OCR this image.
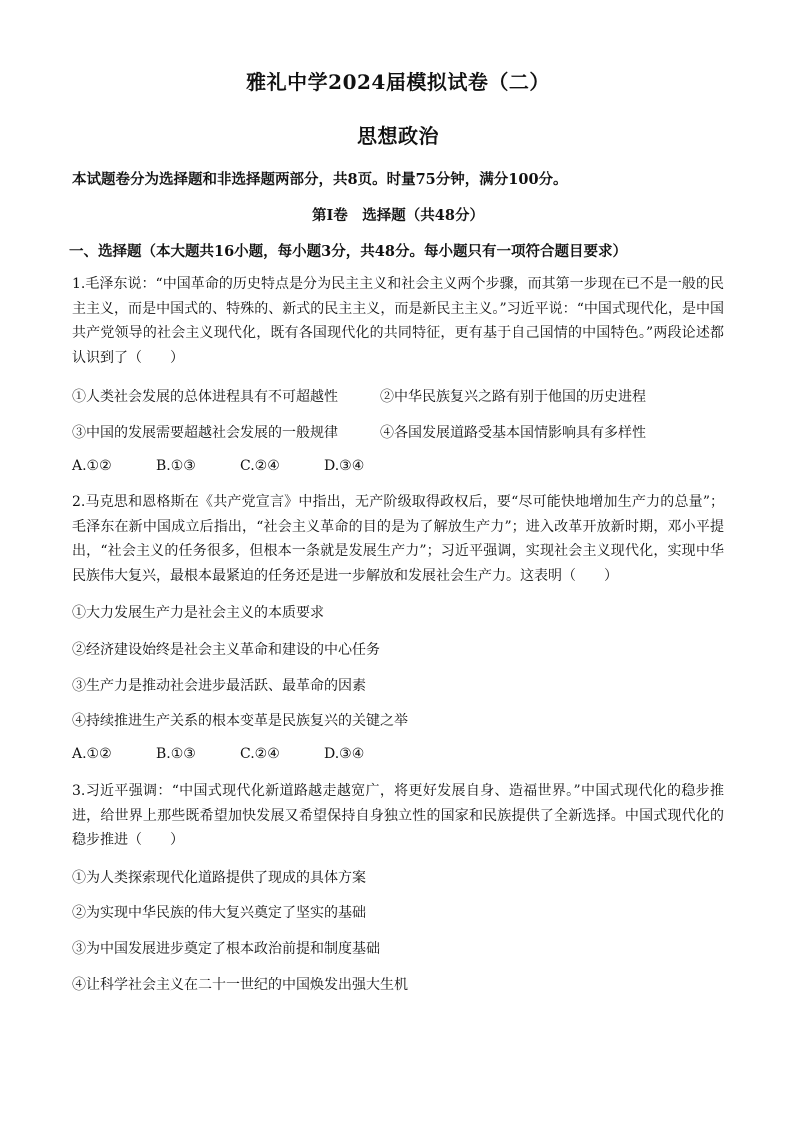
雅礼中学2024届模拟试卷（二）
思想政治
本试题卷分为选择题和非选择题两部分，共8页。时量75分钟，满分100分。
第Ⅰ卷　选择题（共48分）
一、选择题（本大题共16小题，每小题3分，共48分。每小题只有一项符合题目要求）
1.毛泽东说：“中国革命的历史特点是分为民主主义和社会主义两个步骤，而其第一步现在已不是一般的民主主义，而是中国式的、特殊的、新式的民主主义，而是新民主主义。”习近平说：“中国式现代化，是中国共产党领导的社会主义现代化，既有各国现代化的共同特征，更有基于自己国情的中国特色。”两段论述都认识到了（　　）
①人类社会发展的总体进程具有不可超越性	②中华民族复兴之路有别于他国的历史进程
③中国的发展需要超越社会发展的一般规律	④各国发展道路受基本国情影响具有多样性
A.①②	B.①③	C.②④	D.③④
2.马克思和恩格斯在《共产党宣言》中指出，无产阶级取得政权后，要“尽可能快地增加生产力的总量”；毛泽东在新中国成立后指出，“社会主义革命的目的是为了解放生产力”；进入改革开放新时期，邓小平提出，“社会主义的任务很多，但根本一条就是发展生产力”；习近平强调，实现社会主义现代化，实现中华民族伟大复兴，最根本最紧迫的任务还是进一步解放和发展社会生产力。这表明（　　）
①大力发展生产力是社会主义的本质要求
②经济建设始终是社会主义革命和建设的中心任务
③生产力是推动社会进步最活跃、最革命的因素
④持续推进生产关系的根本变革是民族复兴的关键之举
A.①②	B.①③	C.②④	D.③④
3.习近平强调：“中国式现代化新道路越走越宽广，将更好发展自身、造福世界。”中国式现代化的稳步推进，给世界上那些既希望加快发展又希望保持自身独立性的国家和民族提供了全新选择。中国式现代化的稳步推进（　　）
①为人类探索现代化道路提供了现成的具体方案
②为实现中华民族的伟大复兴奠定了坚实的基础
③为中国发展进步奠定了根本政治前提和制度基础
④让科学社会主义在二十一世纪的中国焕发出强大生机
